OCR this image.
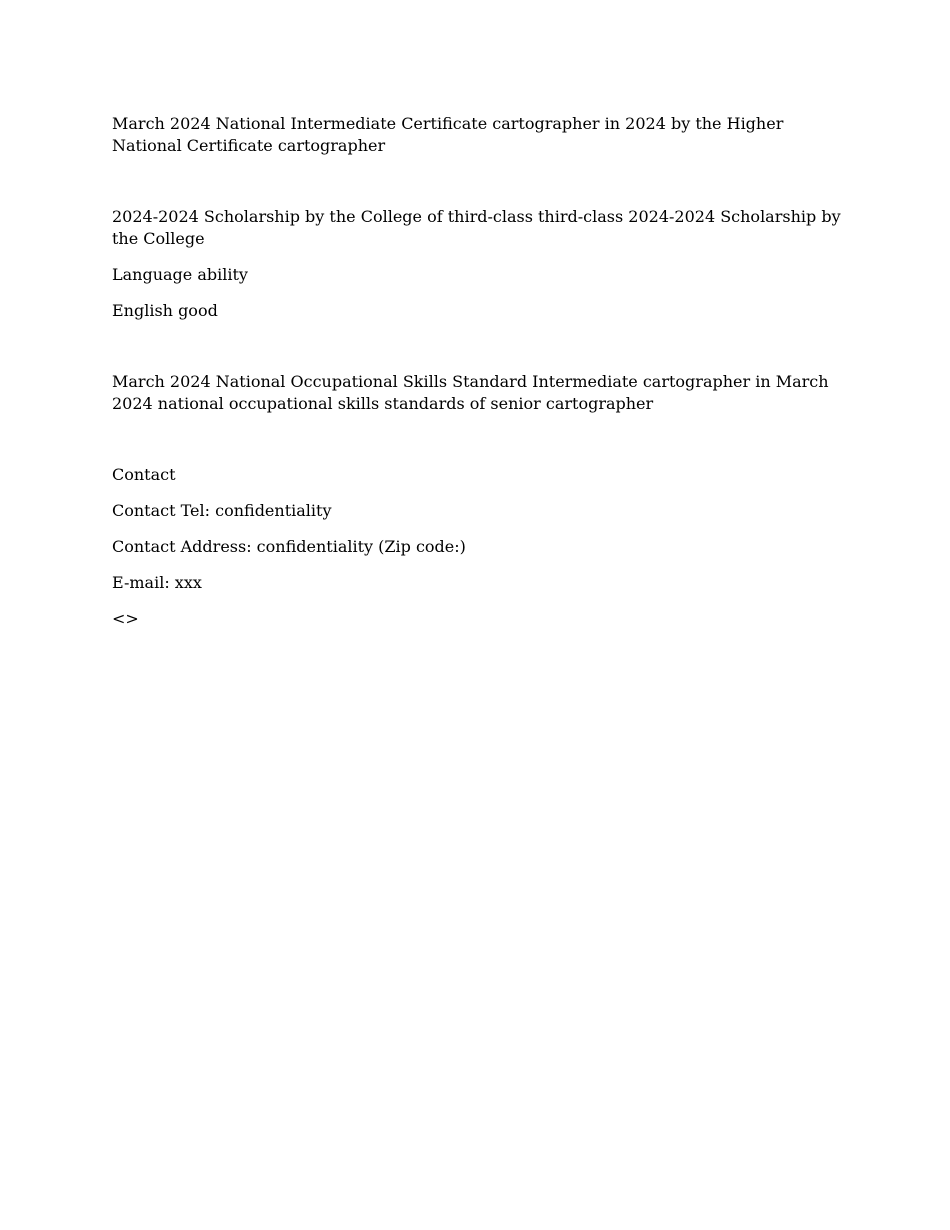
March 2024 National Intermediate Certificate cartographer in 2024 by the Higher National Certificate cartographer

2024-2024 Scholarship by the College of third-class third-class 2024-2024 Scholarship by the College

Language ability

English good

March 2024 National Occupational Skills Standard Intermediate cartographer in March 2024 national occupational skills standards of senior cartographer

Contact

Contact Tel: confidentiality

Contact Address: confidentiality (Zip code:)

E-mail: xxx

<>
